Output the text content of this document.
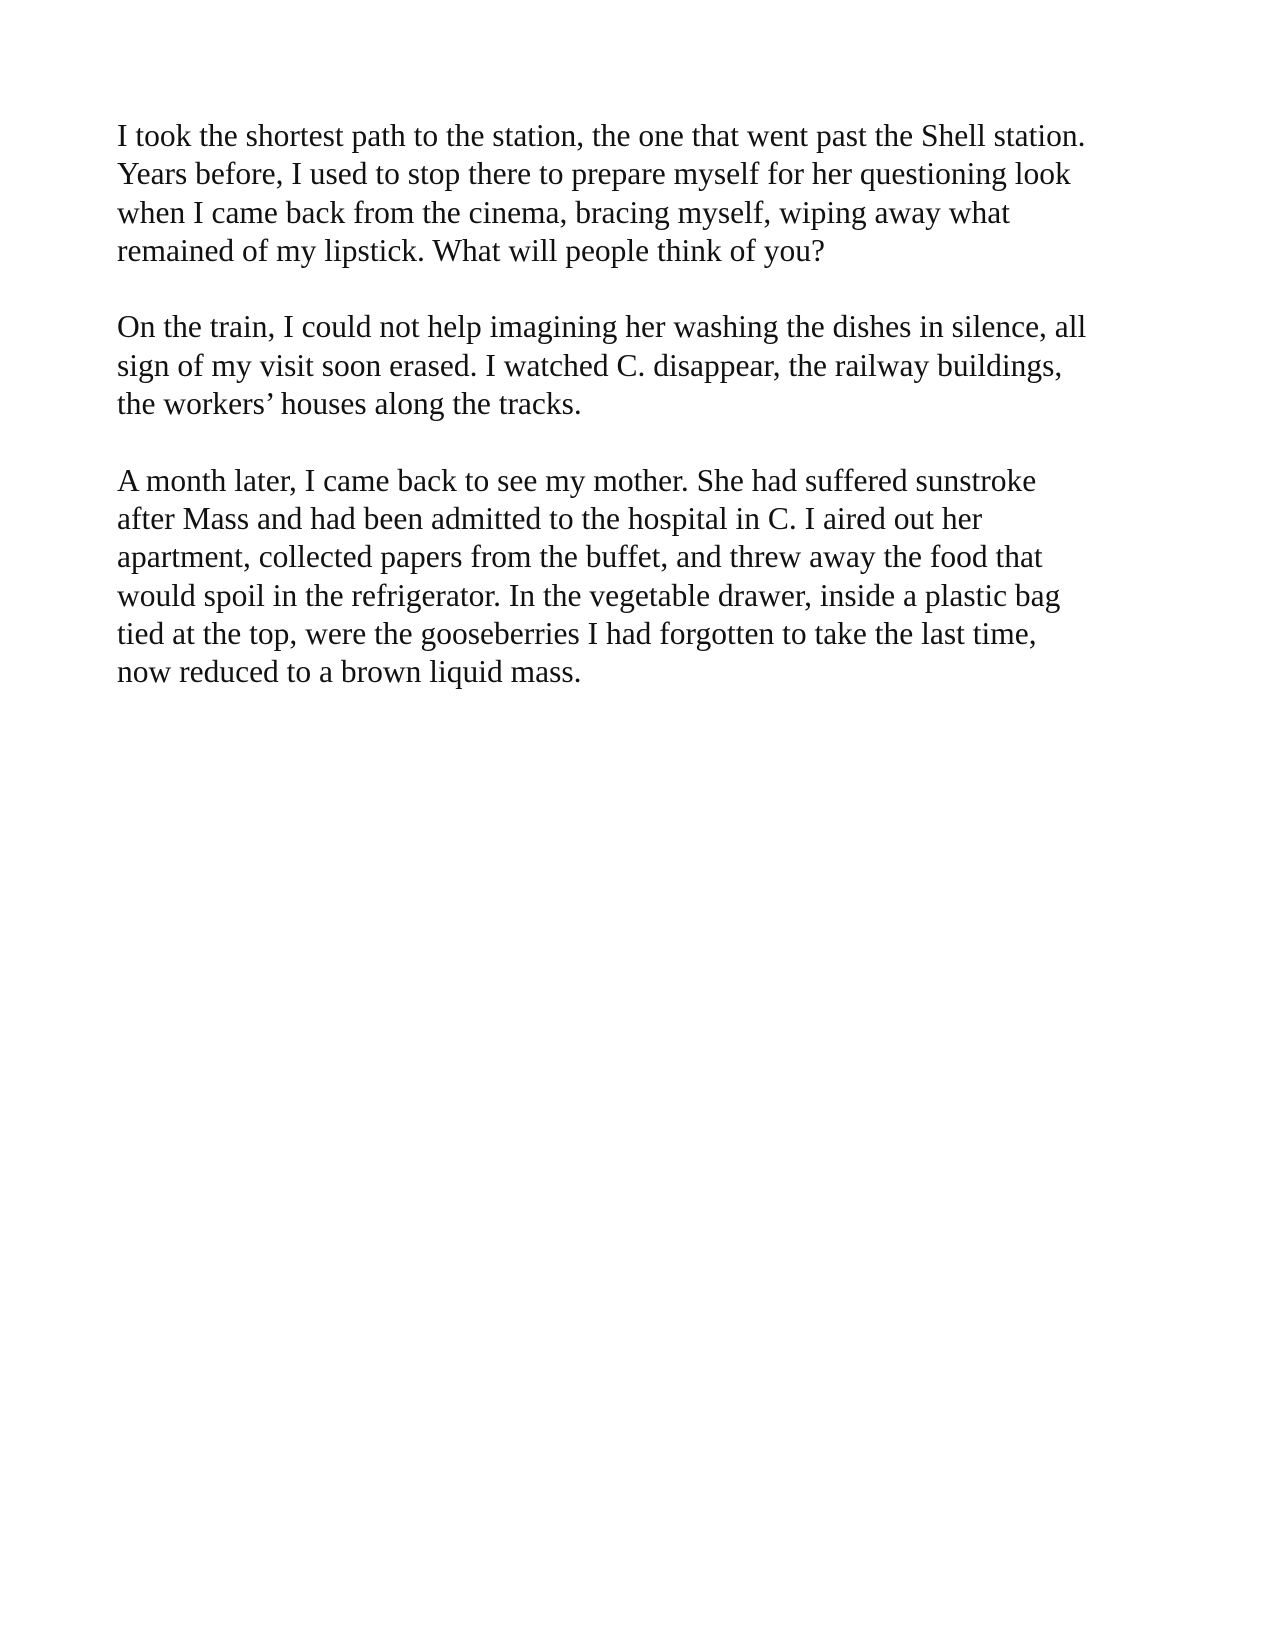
I took the shortest path to the station, the one that went past the Shell station.
Years before, I used to stop there to prepare myself for her questioning look
when I came back from the cinema, bracing myself, wiping away what
remained of my lipstick. What will people think of you?

On the train, I could not help imagining her washing the dishes in silence, all
sign of my visit soon erased. I watched C. disappear, the railway buildings,
the workers’ houses along the tracks.

A month later, I came back to see my mother. She had suffered sunstroke
after Mass and had been admitted to the hospital in C. I aired out her
apartment, collected papers from the buffet, and threw away the food that
would spoil in the refrigerator. In the vegetable drawer, inside a plastic bag
tied at the top, were the gooseberries I had forgotten to take the last time,
now reduced to a brown liquid mass.
